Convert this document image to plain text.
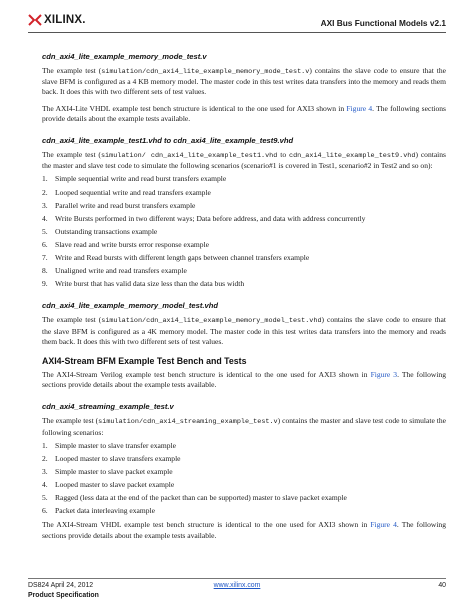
XILINX.	AXI Bus Functional Models v2.1
cdn_axi4_lite_example_memory_mode_test.v

The example test (simulation/cdn_axi4_lite_example_memory_mode_test.v) contains the slave code to ensure that the slave BFM is configured as a 4 KB memory model. The master code in this test writes data transfers into the memory and reads them back. It does this with two different sets of test values.

The AXI4-Lite VHDL example test bench structure is identical to the one used for AXI3 shown in Figure 4. The following sections provide details about the example tests available.

cdn_axi4_lite_example_test1.vhd to cdn_axi4_lite_example_test9.vhd

The example test (simulation/ cdn_axi4_lite_example_test1.vhd to cdn_axi4_lite_example_test9.vhd) contains the master and slave test code to simulate the following scenarios (scenario#1 is covered in Test1, scenario#2 in Test2 and so on):

1. Simple sequential write and read burst transfers example
2. Looped sequential write and read transfers example
3. Parallel write and read burst transfers example
4. Write Bursts performed in two different ways; Data before address, and data with address concurrently
5. Outstanding transactions example
6. Slave read and write bursts error response example
7. Write and Read bursts with different length gaps between channel transfers example
8. Unaligned write and read transfers example
9. Write burst that has valid data size less than the data bus width
cdn_axi4_lite_example_memory_model_test.vhd

The example test (simulation/cdn_axi4_lite_example_memory_model_test.vhd) contains the slave code to ensure that the slave BFM is configured as a 4K memory model. The master code in this test writes data transfers into the memory and reads them back. It does this with two different sets of test values.

AXI4-Stream BFM Example Test Bench and Tests

The AXI4-Stream Verilog example test bench structure is identical to the one used for AXI3 shown in Figure 3. The following sections provide details about the example tests available.

cdn_axi4_streaming_example_test.v

The example test (simulation/cdn_axi4_streaming_example_test.v) contains the master and slave test code to simulate the following scenarios:

1. Simple master to slave transfer example
2. Looped master to slave transfers example
3. Simple master to slave packet example
4. Looped master to slave packet example
5. Ragged (less data at the end of the packet than can be supported) master to slave packet example
6. Packet data interleaving example

The AXI4-Stream VHDL example test bench structure is identical to the one used for AXI3 shown in Figure 4. The following sections provide details about the example tests available.

DS824 April 24, 2012
Product Specification
www.xilinx.com	40
